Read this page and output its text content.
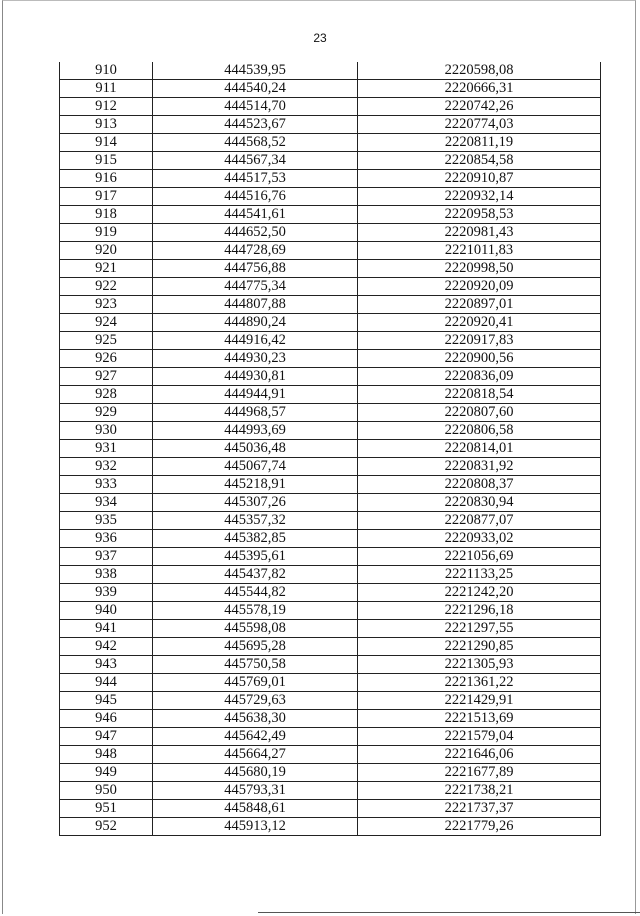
23
910	444539,95	2220598,08
911	444540,24	2220666,31
912	444514,70	2220742,26
913	444523,67	2220774,03
914	444568,52	2220811,19
915	444567,34	2220854,58
916	444517,53	2220910,87
917	444516,76	2220932,14
918	444541,61	2220958,53
919	444652,50	2220981,43
920	444728,69	2221011,83
921	444756,88	2220998,50
922	444775,34	2220920,09
923	444807,88	2220897,01
924	444890,24	2220920,41
925	444916,42	2220917,83
926	444930,23	2220900,56
927	444930,81	2220836,09
928	444944,91	2220818,54
929	444968,57	2220807,60
930	444993,69	2220806,58
931	445036,48	2220814,01
932	445067,74	2220831,92
933	445218,91	2220808,37
934	445307,26	2220830,94
935	445357,32	2220877,07
936	445382,85	2220933,02
937	445395,61	2221056,69
938	445437,82	2221133,25
939	445544,82	2221242,20
940	445578,19	2221296,18
941	445598,08	2221297,55
942	445695,28	2221290,85
943	445750,58	2221305,93
944	445769,01	2221361,22
945	445729,63	2221429,91
946	445638,30	2221513,69
947	445642,49	2221579,04
948	445664,27	2221646,06
949	445680,19	2221677,89
950	445793,31	2221738,21
951	445848,61	2221737,37
952	445913,12	2221779,26
